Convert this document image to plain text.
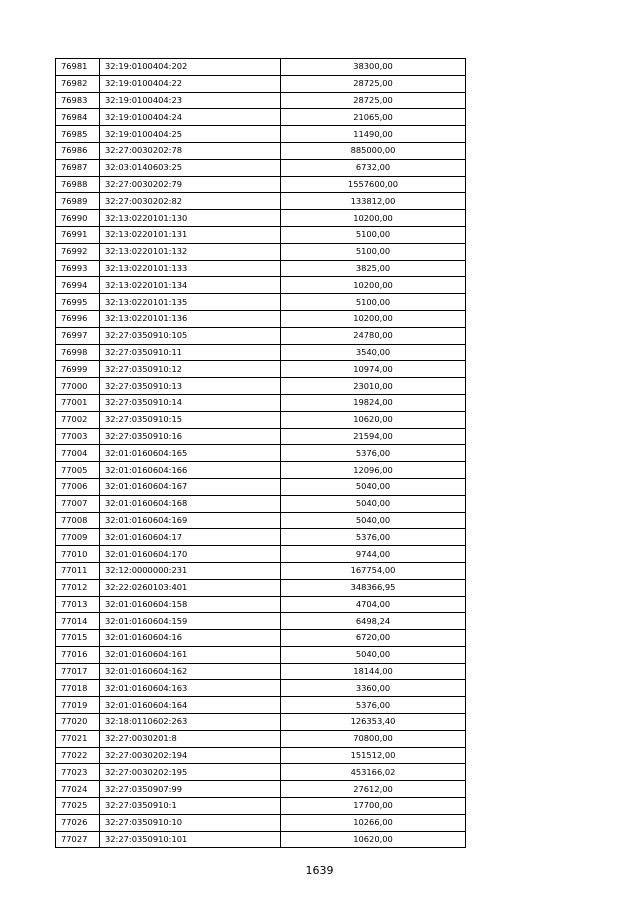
76981	32:19:0100404:202	38300,00
76982	32:19:0100404:22	28725,00
76983	32:19:0100404:23	28725,00
76984	32:19:0100404:24	21065,00
76985	32:19:0100404:25	11490,00
76986	32:27:0030202:78	885000,00
76987	32:03:0140603:25	6732,00
76988	32:27:0030202:79	1557600,00
76989	32:27:0030202:82	133812,00
76990	32:13:0220101:130	10200,00
76991	32:13:0220101:131	5100,00
76992	32:13:0220101:132	5100,00
76993	32:13:0220101:133	3825,00
76994	32:13:0220101:134	10200,00
76995	32:13:0220101:135	5100,00
76996	32:13:0220101:136	10200,00
76997	32:27:0350910:105	24780,00
76998	32:27:0350910:11	3540,00
76999	32:27:0350910:12	10974,00
77000	32:27:0350910:13	23010,00
77001	32:27:0350910:14	19824,00
77002	32:27:0350910:15	10620,00
77003	32:27:0350910:16	21594,00
77004	32:01:0160604:165	5376,00
77005	32:01:0160604:166	12096,00
77006	32:01:0160604:167	5040,00
77007	32:01:0160604:168	5040,00
77008	32:01:0160604:169	5040,00
77009	32:01:0160604:17	5376,00
77010	32:01:0160604:170	9744,00
77011	32:12:0000000:231	167754,00
77012	32:22:0260103:401	348366,95
77013	32:01:0160604:158	4704,00
77014	32:01:0160604:159	6498,24
77015	32:01:0160604:16	6720,00
77016	32:01:0160604:161	5040,00
77017	32:01:0160604:162	18144,00
77018	32:01:0160604:163	3360,00
77019	32:01:0160604:164	5376,00
77020	32:18:0110602:263	126353,40
77021	32:27:0030201:8	70800,00
77022	32:27:0030202:194	151512,00
77023	32:27:0030202:195	453166,02
77024	32:27:0350907:99	27612,00
77025	32:27:0350910:1	17700,00
77026	32:27:0350910:10	10266,00
77027	32:27:0350910:101	10620,00
1639
